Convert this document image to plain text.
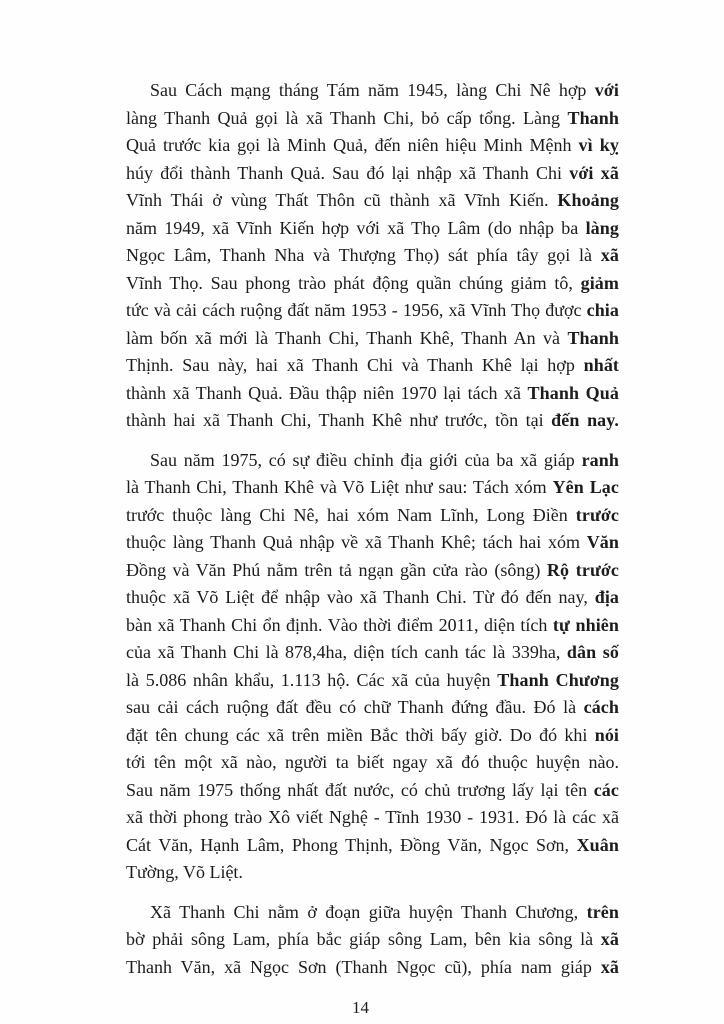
Sau Cách mạng tháng Tám năm 1945, làng Chi Nê hợp với
làng Thanh Quả gọi là xã Thanh Chi, bỏ cấp tổng. Làng Thanh
Quả trước kia gọi là Minh Quả, đến niên hiệu Minh Mệnh vì kỵ
húy đổi thành Thanh Quả. Sau đó lại nhập xã Thanh Chi với xã
Vĩnh Thái ở vùng Thất Thôn cũ thành xã Vĩnh Kiến. Khoảng
năm 1949, xã Vĩnh Kiến hợp với xã Thọ Lâm (do nhập ba làng
Ngọc Lâm, Thanh Nha và Thượng Thọ) sát phía tây gọi là xã
Vĩnh Thọ. Sau phong trào phát động quần chúng giảm tô, giảm
tức và cải cách ruộng đất năm 1953 - 1956, xã Vĩnh Thọ được chia
làm bốn xã mới là Thanh Chi, Thanh Khê, Thanh An và Thanh
Thịnh. Sau này, hai xã Thanh Chi và Thanh Khê lại hợp nhất
thành xã Thanh Quả. Đầu thập niên 1970 lại tách xã Thanh Quả
thành hai xã Thanh Chi, Thanh Khê như trước, tồn tại đến nay.

Sau năm 1975, có sự điều chỉnh địa giới của ba xã giáp ranh
là Thanh Chi, Thanh Khê và Võ Liệt như sau: Tách xóm Yên Lạc
trước thuộc làng Chi Nê, hai xóm Nam Lĩnh, Long Điền trước
thuộc làng Thanh Quả nhập về xã Thanh Khê; tách hai xóm Văn
Đồng và Văn Phú nằm trên tả ngạn gần cửa rào (sông) Rộ trước
thuộc xã Võ Liệt để nhập vào xã Thanh Chi. Từ đó đến nay, địa
bàn xã Thanh Chi ổn định. Vào thời điểm 2011, diện tích tự nhiên
của xã Thanh Chi là 878,4ha, diện tích canh tác là 339ha, dân số
là 5.086 nhân khẩu, 1.113 hộ. Các xã của huyện Thanh Chương
sau cải cách ruộng đất đều có chữ Thanh đứng đầu. Đó là cách
đặt tên chung các xã trên miền Bắc thời bấy giờ. Do đó khi nói
tới tên một xã nào, người ta biết ngay xã đó thuộc huyện nào.
Sau năm 1975 thống nhất đất nước, có chủ trương lấy lại tên các
xã thời phong trào Xô viết Nghệ - Tĩnh 1930 - 1931. Đó là các xã
Cát Văn, Hạnh Lâm, Phong Thịnh, Đồng Văn, Ngọc Sơn, Xuân
Tường, Võ Liệt.

Xã Thanh Chi nằm ở đoạn giữa huyện Thanh Chương, trên
bờ phải sông Lam, phía bắc giáp sông Lam, bên kia sông là xã
Thanh Văn, xã Ngọc Sơn (Thanh Ngọc cũ), phía nam giáp xã

14
